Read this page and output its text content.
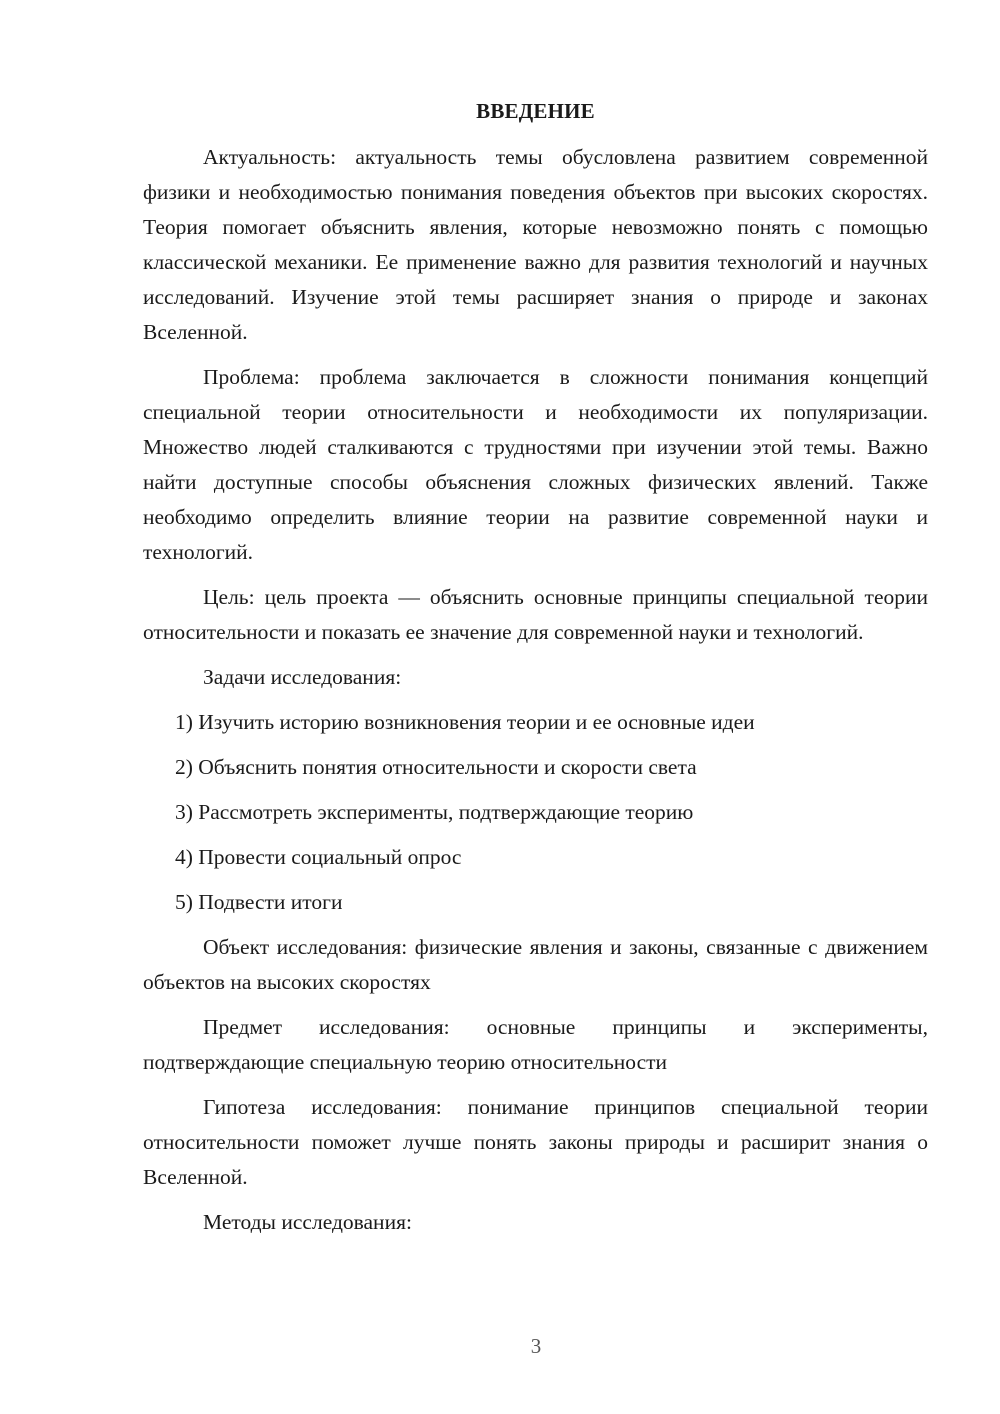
ВВЕДЕНИЕ

Актуальность: актуальность темы обусловлена развитием современной физики и необходимостью понимания поведения объектов при высоких скоростях. Теория помогает объяснить явления, которые невозможно понять с помощью классической механики. Ее применение важно для развития технологий и научных исследований. Изучение этой темы расширяет знания о природе и законах Вселенной.

Проблема: проблема заключается в сложности понимания концепций специальной теории относительности и необходимости их популяризации. Множество людей сталкиваются с трудностями при изучении этой темы. Важно найти доступные способы объяснения сложных физических явлений. Также необходимо определить влияние теории на развитие современной науки и технологий.

Цель: цель проекта — объяснить основные принципы специальной теории относительности и показать ее значение для современной науки и технологий.

Задачи исследования:

1) Изучить историю возникновения теории и ее основные идеи
2) Объяснить понятия относительности и скорости света
3) Рассмотреть эксперименты, подтверждающие теорию
4) Провести социальный опрос
5) Подвести итоги

Объект исследования: физические явления и законы, связанные с движением объектов на высоких скоростях

Предмет исследования: основные принципы и эксперименты, подтверждающие специальную теорию относительности

Гипотеза исследования: понимание принципов специальной теории относительности поможет лучше понять законы природы и расширит знания о Вселенной.

Методы исследования:

3
